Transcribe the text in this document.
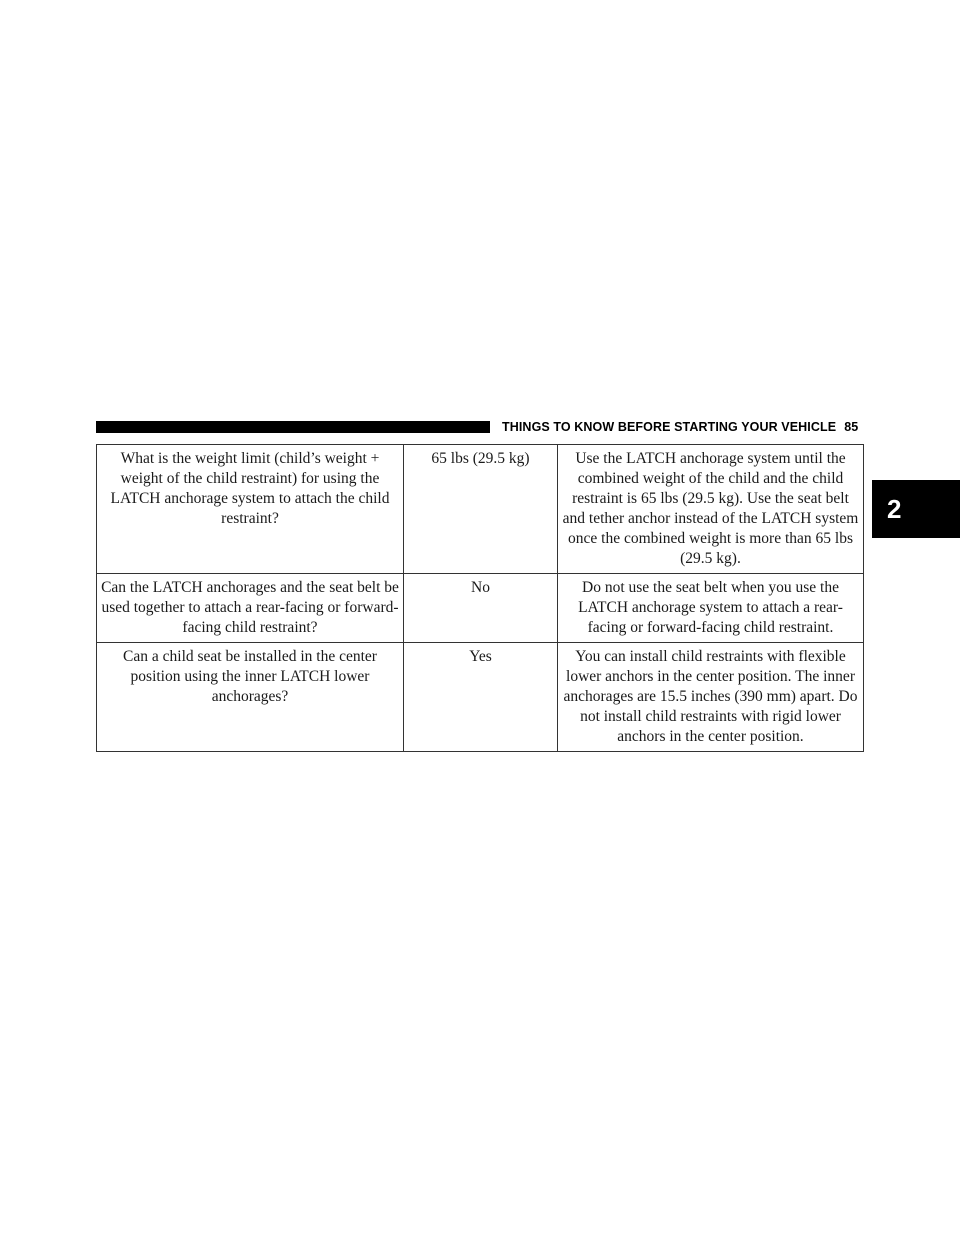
THINGS TO KNOW BEFORE STARTING YOUR VEHICLE 85
2
What is the weight limit (child’s weight + weight of the child restraint) for using the LATCH anchorage system to attach the child restraint?	65 lbs (29.5 kg)	Use the LATCH anchorage system until the combined weight of the child and the child restraint is 65 lbs (29.5 kg). Use the seat belt and tether anchor instead of the LATCH system once the combined weight is more than 65 lbs (29.5 kg).
Can the LATCH anchorages and the seat belt be used together to attach a rear-facing or forward-facing child restraint?	No	Do not use the seat belt when you use the LATCH anchorage system to attach a rear-facing or forward-facing child restraint.
Can a child seat be installed in the center position using the inner LATCH lower anchorages?	Yes	You can install child restraints with flexible lower anchors in the center position. The inner anchorages are 15.5 inches (390 mm) apart. Do not install child restraints with rigid lower anchors in the center position.
